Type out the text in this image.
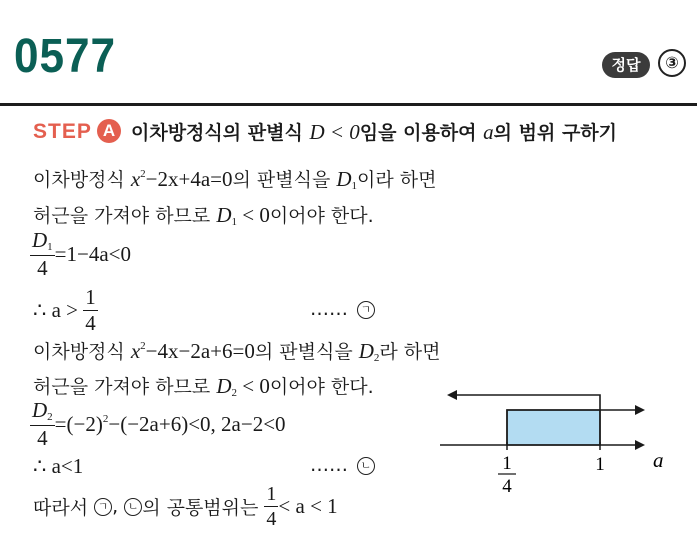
0577	정답	③
STEP A 이차방정식의 판별식 D < 0임을 이용하여 a의 범위 구하기
이차방정식 $x^2-2x+4a=0$의 판별식을 $D_1$이라 하면
허근을 가져야 하므로 $D_1 < 0$이어야 한다.
$\frac{D_1}{4} =1-4a<0$
∴ $a > \frac{1}{4}$	……	ㄱ
이차방정식 $x^2-4x-2a+6=0$의 판별식을 $D_2$라 하면
허근을 가져야 하므로 $D_2 < 0$이어야 한다.
$\frac{D_2}{4} =(-2)^2-(-2a+6)<0$, 2a−2<0
∴ a<1	……	ㄴ
따라서 ㄱ , ㄴ 의 공통범위는 $\frac{1}{4} < a < 1$
1
4
1 a
